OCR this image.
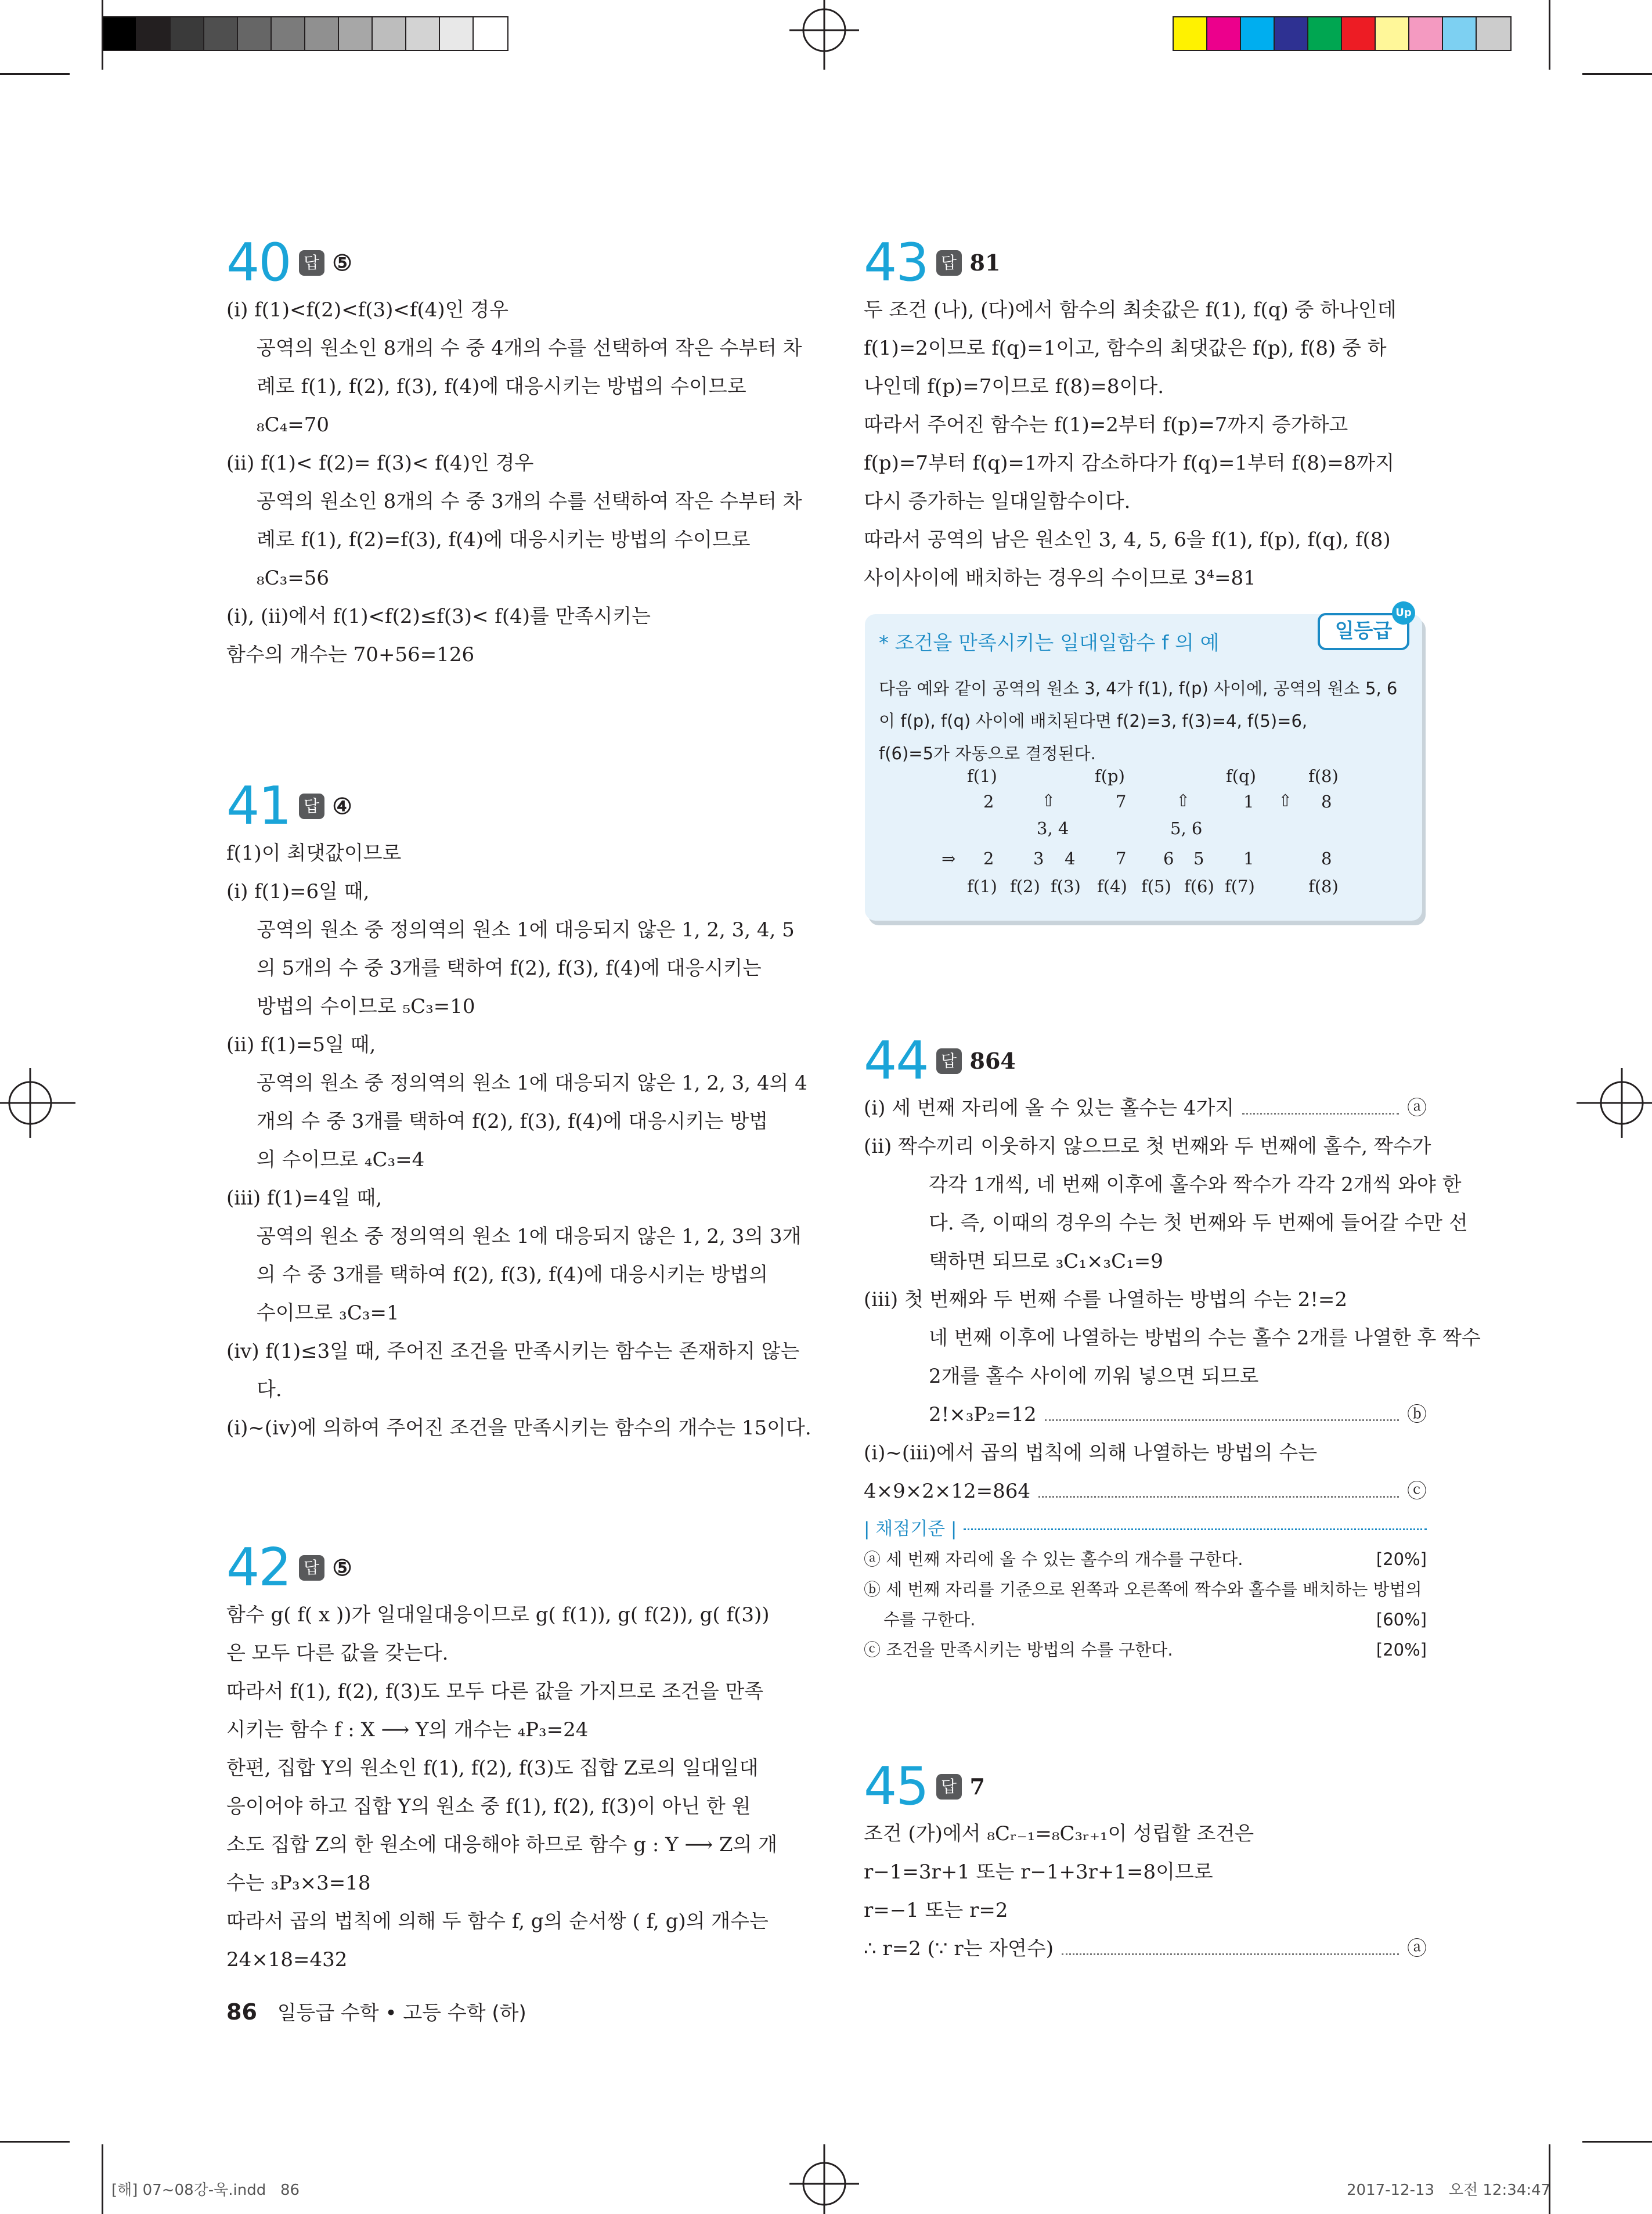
40 답 ⑤
(ⅰ) f(1)<f(2)<f(3)<f(4)인 경우
공역의 원소인 8개의 수 중 4개의 수를 선택하여 작은 수부터 차
례로 f(1), f(2), f(3), f(4)에 대응시키는 방법의 수이므로
₈C₄=70
(ⅱ) f(1)< f(2)= f(3)< f(4)인 경우
공역의 원소인 8개의 수 중 3개의 수를 선택하여 작은 수부터 차
례로 f(1), f(2)=f(3), f(4)에 대응시키는 방법의 수이므로
₈C₃=56
(ⅰ), (ⅱ)에서 f(1)<f(2)≤f(3)< f(4)를 만족시키는
함수의 개수는 70+56=126
41 답 ④
f(1)이 최댓값이므로
(ⅰ) f(1)=6일 때,
공역의 원소 중 정의역의 원소 1에 대응되지 않은 1, 2, 3, 4, 5
의 5개의 수 중 3개를 택하여 f(2), f(3), f(4)에 대응시키는
방법의 수이므로 ₅C₃=10
(ⅱ) f(1)=5일 때,
공역의 원소 중 정의역의 원소 1에 대응되지 않은 1, 2, 3, 4의 4
개의 수 중 3개를 택하여 f(2), f(3), f(4)에 대응시키는 방법
의 수이므로 ₄C₃=4
(ⅲ) f(1)=4일 때,
공역의 원소 중 정의역의 원소 1에 대응되지 않은 1, 2, 3의 3개
의 수 중 3개를 택하여 f(2), f(3), f(4)에 대응시키는 방법의
수이므로 ₃C₃=1
(ⅳ) f(1)≤3일 때, 주어진 조건을 만족시키는 함수는 존재하지 않는
다.
(ⅰ)~(ⅳ)에 의하여 주어진 조건을 만족시키는 함수의 개수는 15이다.
42 답 ⑤
함수 g( f( x ))가 일대일대응이므로 g( f(1)), g( f(2)), g( f(3))
은 모두 다른 값을 갖는다.
따라서 f(1), f(2), f(3)도 모두 다른 값을 가지므로 조건을 만족
시키는 함수 f : X ⟶ Y의 개수는 ₄P₃=24
한편, 집합 Y의 원소인 f(1), f(2), f(3)도 집합 Z로의 일대일대
응이어야 하고 집합 Y의 원소 중 f(1), f(2), f(3)이 아닌 한 원
소도 집합 Z의 한 원소에 대응해야 하므로 함수 g : Y ⟶ Z의 개
수는 ₃P₃×3=18
따라서 곱의 법칙에 의해 두 함수 f, g의 순서쌍 ( f, g)의 개수는
24×18=432
43 답 81
두 조건 (나), (다)에서 함수의 최솟값은 f(1), f(q) 중 하나인데
f(1)=2이므로 f(q)=1이고, 함수의 최댓값은 f(p), f(8) 중 하
나인데 f(p)=7이므로 f(8)=8이다.
따라서 주어진 함수는 f(1)=2부터 f(p)=7까지 증가하고
f(p)=7부터 f(q)=1까지 감소하다가 f(q)=1부터 f(8)=8까지
다시 증가하는 일대일함수이다.
따라서 공역의 남은 원소인 3, 4, 5, 6을 f(1), f(p), f(q), f(8)
사이사이에 배치하는 경우의 수이므로 3⁴=81
* 조건을 만족시키는 일대일함수 f 의 예
일등급
Up
다음 예와 같이 공역의 원소 3, 4가 f(1), f(p) 사이에, 공역의 원소 5, 6
이 f(p), f(q) 사이에 배치된다면 f(2)=3, f(3)=4, f(5)=6,
f(6)=5가 자동으로 결정된다.
f(1)	f(p)	f(q)	f(8)
2	⇧	7	⇧	1 ⇧ 8
3, 4	5, 6
⇒ 2 3 4 7 6 5 1	8
f(1) f(2) f(3) f(4) f(5) f(6) f(7)	f(8)
44 답 864
(ⅰ) 세 번째 자리에 올 수 있는 홀수는 4가지	ⓐ
(ⅱ) 짝수끼리 이웃하지 않으므로 첫 번째와 두 번째에 홀수, 짝수가
각각 1개씩, 네 번째 이후에 홀수와 짝수가 각각 2개씩 와야 한
다. 즉, 이때의 경우의 수는 첫 번째와 두 번째에 들어갈 수만 선
택하면 되므로 ₃C₁×₃C₁=9
(ⅲ) 첫 번째와 두 번째 수를 나열하는 방법의 수는 2!=2
네 번째 이후에 나열하는 방법의 수는 홀수 2개를 나열한 후 짝수
2개를 홀수 사이에 끼워 넣으면 되므로
2!×₃P₂=12	ⓑ
(ⅰ)~(ⅲ)에서 곱의 법칙에 의해 나열하는 방법의 수는
4×9×2×12=864	ⓒ
| 채점기준 |
ⓐ 세 번째 자리에 올 수 있는 홀수의 개수를 구한다.	[20%]
ⓑ 세 번째 자리를 기준으로 왼쪽과 오른쪽에 짝수와 홀수를 배치하는 방법의
수를 구한다.	[60%]
ⓒ 조건을 만족시키는 방법의 수를 구한다.	[20%]
45 답 7
조건 (가)에서 ₈Cᵣ₋₁=₈C₃ᵣ₊₁이 성립할 조건은
r−1=3r+1 또는 r−1+3r+1=8이므로
r=−1 또는 r=2
∴ r=2 (∵ r는 자연수)	ⓐ
86 일등급 수학 • 고등 수학 (하)
[해] 07~08강-욱.indd   86	2017-12-13   오전 12:34:47
